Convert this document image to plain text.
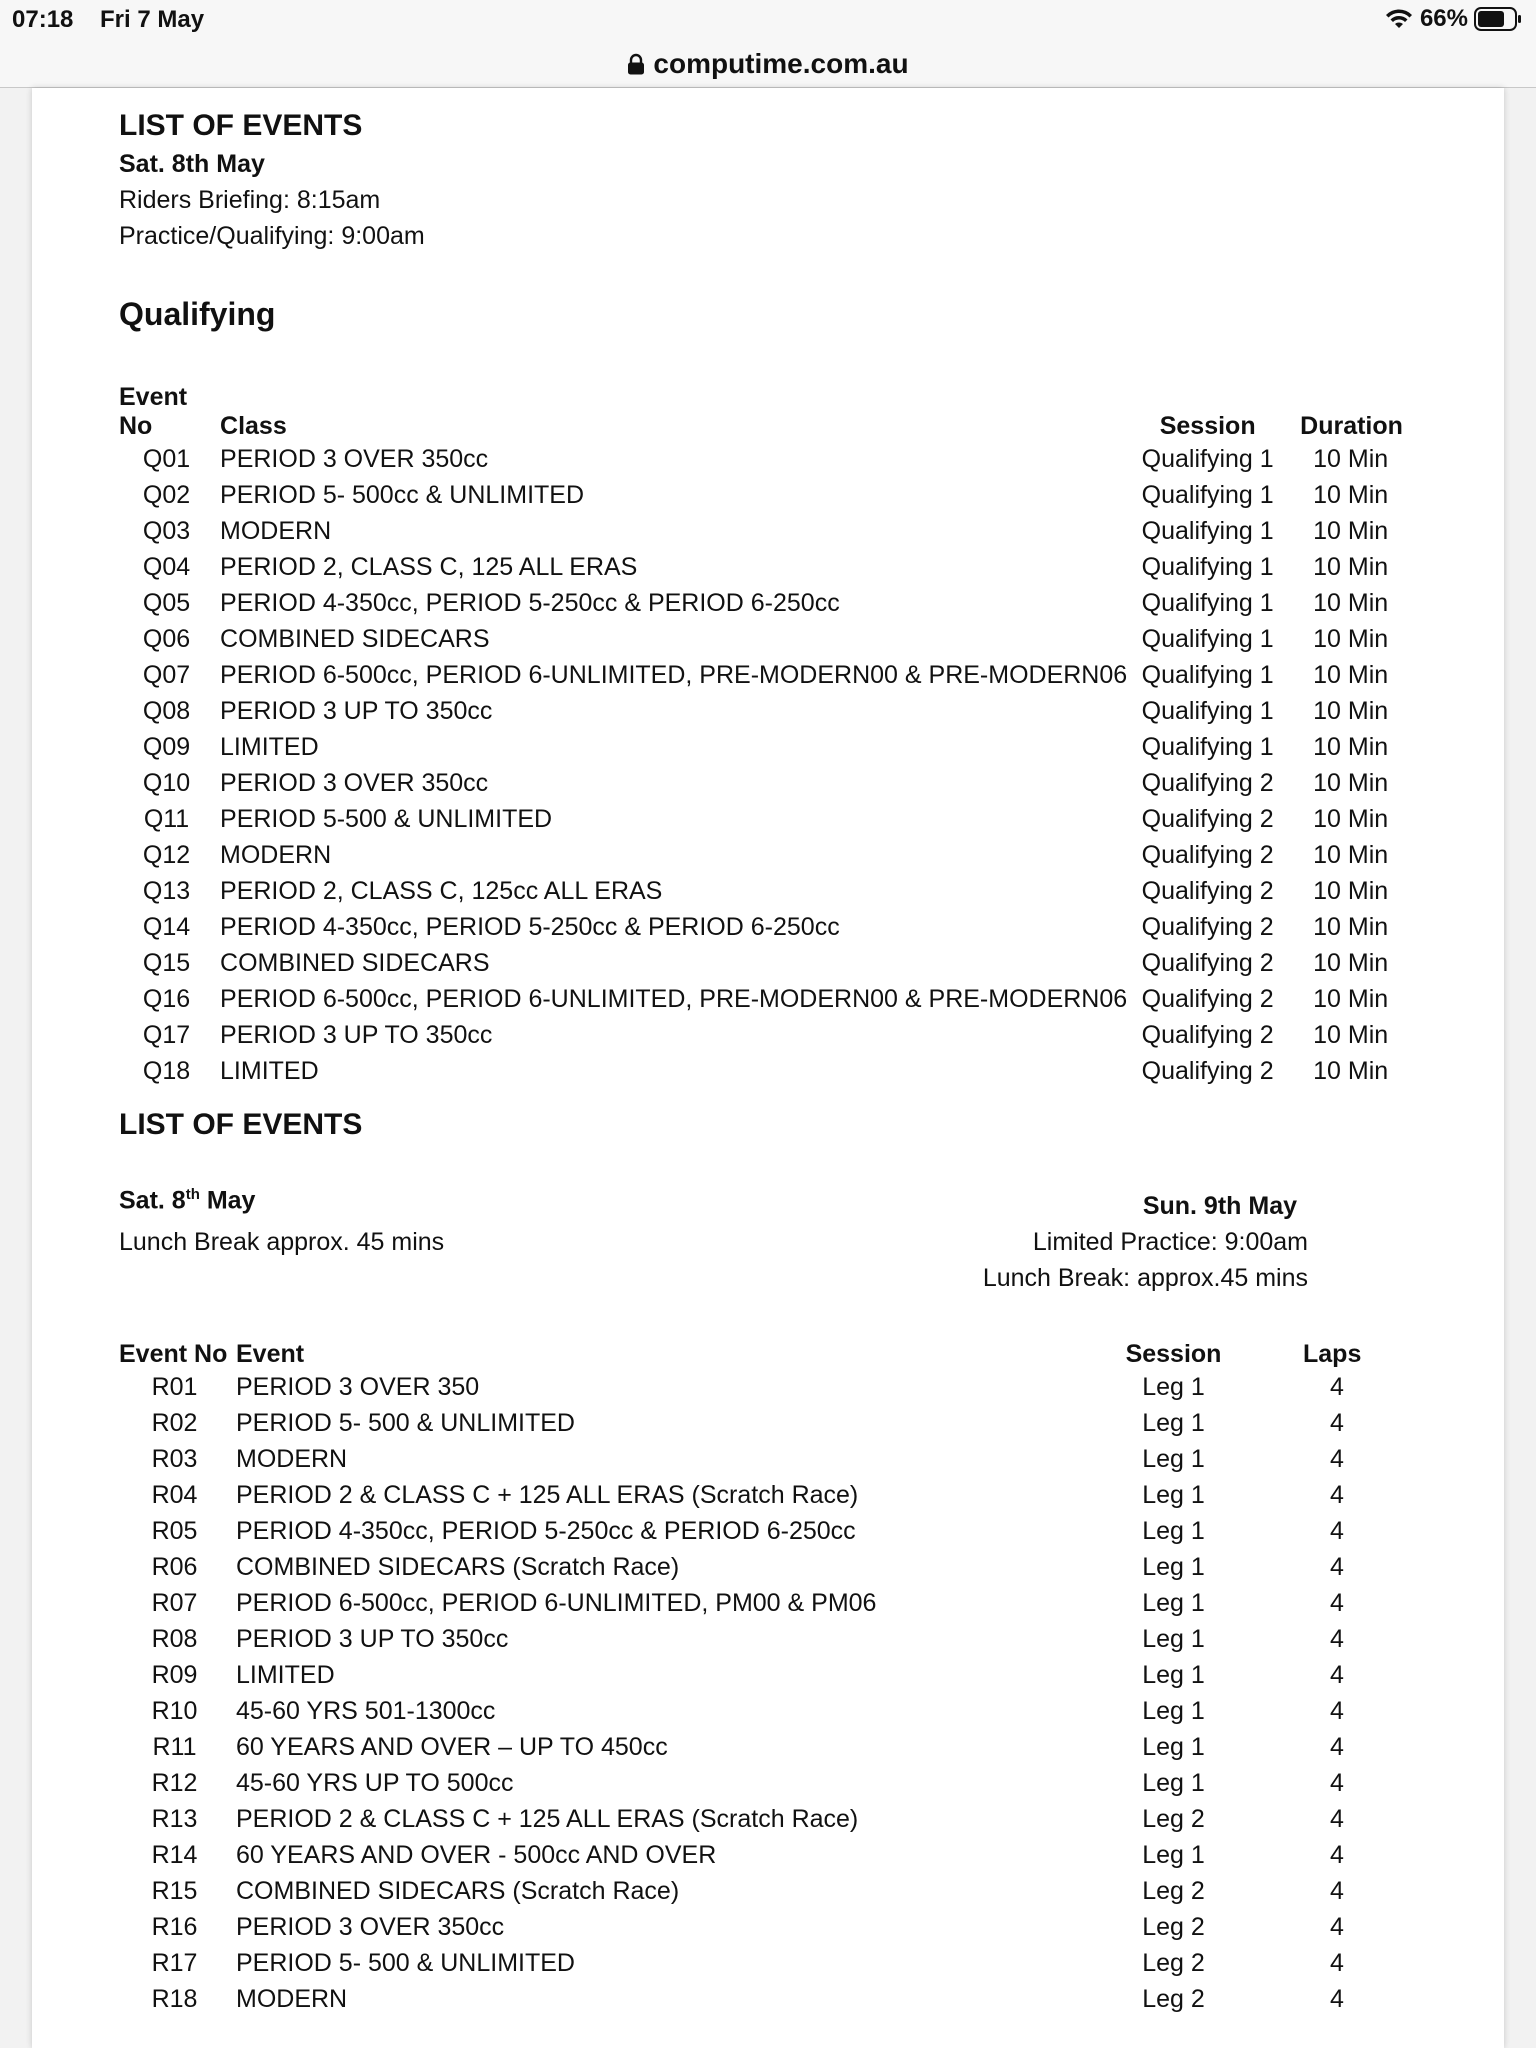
07:18 Fri 7 May	66%
computime.com.au
LIST OF EVENTS
Sat. 8th May
Riders Briefing: 8:15am
Practice/Qualifying: 9:00am
Qualifying
Event No	Class	Session	Duration
Q01	PERIOD 3 OVER 350cc	Qualifying 1	10 Min
Q02	PERIOD 5- 500cc & UNLIMITED	Qualifying 1	10 Min
Q03	MODERN	Qualifying 1	10 Min
Q04	PERIOD 2, CLASS C, 125 ALL ERAS	Qualifying 1	10 Min
Q05	PERIOD 4-350cc, PERIOD 5-250cc & PERIOD 6-250cc	Qualifying 1	10 Min
Q06	COMBINED SIDECARS	Qualifying 1	10 Min
Q07	PERIOD 6-500cc, PERIOD 6-UNLIMITED, PRE-MODERN00 & PRE-MODERN06	Qualifying 1	10 Min
Q08	PERIOD 3 UP TO 350cc	Qualifying 1	10 Min
Q09	LIMITED	Qualifying 1	10 Min
Q10	PERIOD 3 OVER 350cc	Qualifying 2	10 Min
Q11	PERIOD 5-500 & UNLIMITED	Qualifying 2	10 Min
Q12	MODERN	Qualifying 2	10 Min
Q13	PERIOD 2, CLASS C, 125cc ALL ERAS	Qualifying 2	10 Min
Q14	PERIOD 4-350cc, PERIOD 5-250cc & PERIOD 6-250cc	Qualifying 2	10 Min
Q15	COMBINED SIDECARS	Qualifying 2	10 Min
Q16	PERIOD 6-500cc, PERIOD 6-UNLIMITED, PRE-MODERN00 & PRE-MODERN06	Qualifying 2	10 Min
Q17	PERIOD 3 UP TO 350cc	Qualifying 2	10 Min
Q18	LIMITED	Qualifying 2	10 Min
LIST OF EVENTS
Sat. 8th May
Lunch Break approx. 45 mins
Sun. 9th May
Limited Practice: 9:00am
Lunch Break: approx.45 mins
Event No	Event	Session	Laps
R01	PERIOD 3 OVER 350	Leg 1	4
R02	PERIOD 5- 500 & UNLIMITED	Leg 1	4
R03	MODERN	Leg 1	4
R04	PERIOD 2 & CLASS C + 125 ALL ERAS (Scratch Race)	Leg 1	4
R05	PERIOD 4-350cc, PERIOD 5-250cc & PERIOD 6-250cc	Leg 1	4
R06	COMBINED SIDECARS (Scratch Race)	Leg 1	4
R07	PERIOD 6-500cc, PERIOD 6-UNLIMITED, PM00 & PM06	Leg 1	4
R08	PERIOD 3 UP TO 350cc	Leg 1	4
R09	LIMITED	Leg 1	4
R10	45-60 YRS 501-1300cc	Leg 1	4
R11	60 YEARS AND OVER – UP TO 450cc	Leg 1	4
R12	45-60 YRS UP TO 500cc	Leg 1	4
R13	PERIOD 2 & CLASS C + 125 ALL ERAS (Scratch Race)	Leg 2	4
R14	60 YEARS AND OVER - 500cc AND OVER	Leg 1	4
R15	COMBINED SIDECARS (Scratch Race)	Leg 2	4
R16	PERIOD 3 OVER 350cc	Leg 2	4
R17	PERIOD 5- 500 & UNLIMITED	Leg 2	4
R18	MODERN	Leg 2	4
